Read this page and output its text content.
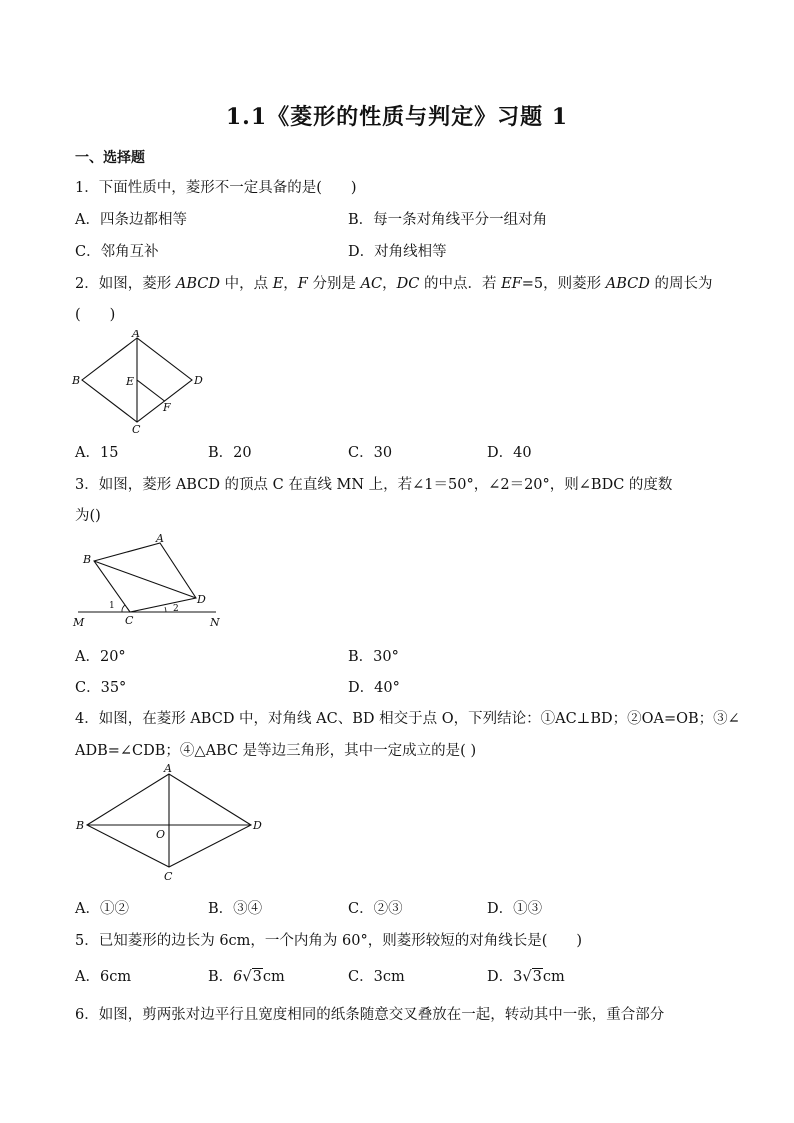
1.1《菱形的性质与判定》习题 1
一、选择题
1．下面性质中，菱形不一定具备的是(　　)
A．四条边都相等	B．每一条对角线平分一组对角
C．邻角互补	D．对角线相等
2．如图，菱形 ABCD 中，点 E，F 分别是 AC，DC 的中点．若 EF=5，则菱形 ABCD 的周长为
(　　)
A
B	E	D
F
C
A．15	B．20	C．30	D．40
3．如图，菱形 ABCD 的顶点 C 在直线 MN 上，若∠1＝50°，∠2＝20°，则∠BDC 的度数
为()
A
B
D
1	2
M	C	N
A．20°	B．30°
C．35°	D．40°
4．如图，在菱形 ABCD 中，对角线 AC、BD 相交于点 O，下列结论：①AC⊥BD；②OA=OB；③∠
ADB=∠CDB；④△ABC 是等边三角形，其中一定成立的是( )
A
B
O
D
C
A．①②	B．③④	C．②③	D．①③
5．已知菱形的边长为 6cm，一个内角为 60°，则菱形较短的对角线长是(　　)
A．6cm	B．6√3cm	C．3cm	D．3√3cm
6．如图，剪两张对边平行且宽度相同的纸条随意交叉叠放在一起，转动其中一张，重合部分
